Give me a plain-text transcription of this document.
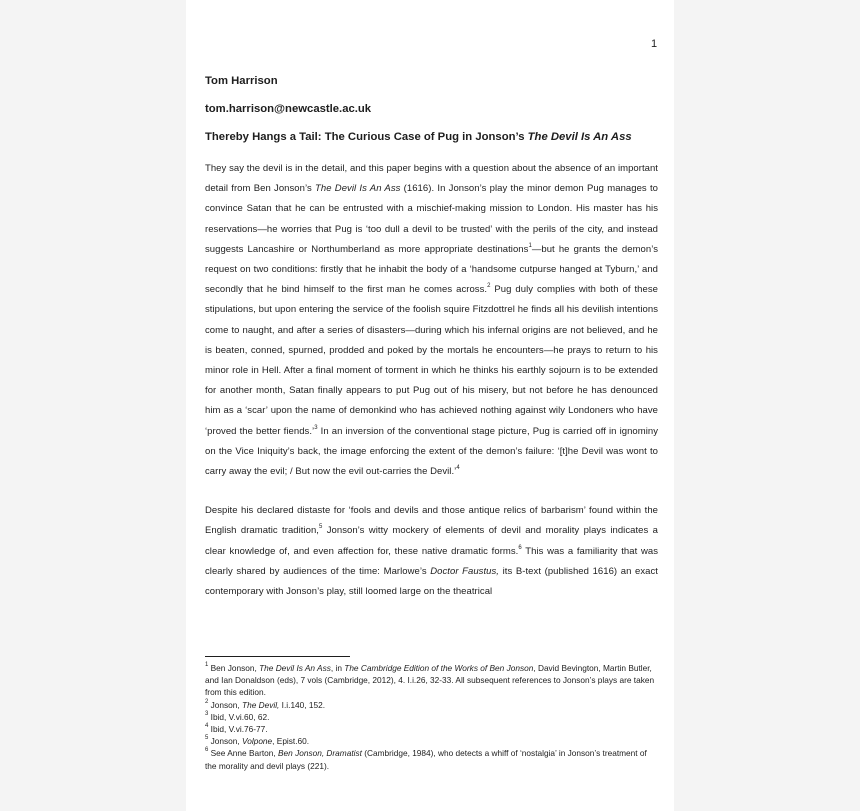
1
Tom Harrison
tom.harrison@newcastle.ac.uk
Thereby Hangs a Tail: The Curious Case of Pug in Jonson’s The Devil Is An Ass

They say the devil is in the detail, and this paper begins with a question about the absence of an important detail from Ben Jonson’s The Devil Is An Ass (1616). In Jonson’s play the minor demon Pug manages to convince Satan that he can be entrusted with a mischief-making mission to London. His master has his reservations—he worries that Pug is ‘too dull a devil to be trusted’ with the perils of the city, and instead suggests Lancashire or Northumberland as more appropriate destinations$^1$—but he grants the demon’s request on two conditions: firstly that he inhabit the body of a ‘handsome cutpurse hanged at Tyburn,’ and secondly that he bind himself to the first man he comes across.$^2$ Pug duly complies with both of these stipulations, but upon entering the service of the foolish squire Fitzdottrel he finds all his devilish intentions come to naught, and after a series of disasters—during which his infernal origins are not believed, and he is beaten, conned, spurned, prodded and poked by the mortals he encounters—he prays to return to his minor role in Hell. After a final moment of torment in which he thinks his earthly sojourn is to be extended for another month, Satan finally appears to put Pug out of his misery, but not before he has denounced him as a ‘scar’ upon the name of demonkind who has achieved nothing against wily Londoners who have ‘proved the better fiends.’$^3$ In an inversion of the conventional stage picture, Pug is carried off in ignominy on the Vice Iniquity’s back, the image enforcing the extent of the demon’s failure: ‘[t]he Devil was wont to carry away the evil; / But now the evil out-carries the Devil.’$^4$

Despite his declared distaste for ‘fools and devils and those antique relics of barbarism’ found within the English dramatic tradition,$^5$ Jonson’s witty mockery of elements of devil and morality plays indicates a clear knowledge of, and even affection for, these native dramatic forms.$^6$ This was a familiarity that was clearly shared by audiences of the time: Marlowe’s Doctor Faustus, its B-text (published 1616) an exact contemporary with Jonson’s play, still loomed large on the theatrical

$^1$ Ben Jonson, The Devil Is An Ass, in The Cambridge Edition of the Works of Ben Jonson, David Bevington, Martin Butler, and Ian Donaldson (eds), 7 vols (Cambridge, 2012), 4. I.i.26, 32-33. All subsequent references to Jonson’s plays are taken from this edition.
$^2$ Jonson, The Devil, I.i.140, 152.
$^3$ Ibid, V.vi.60, 62.
$^4$ Ibid, V.vi.76-77.
$^5$ Jonson, Volpone, Epist.60.
$^6$ See Anne Barton, Ben Jonson, Dramatist (Cambridge, 1984), who detects a whiff of ‘nostalgia’ in Jonson’s treatment of the morality and devil plays (221).
